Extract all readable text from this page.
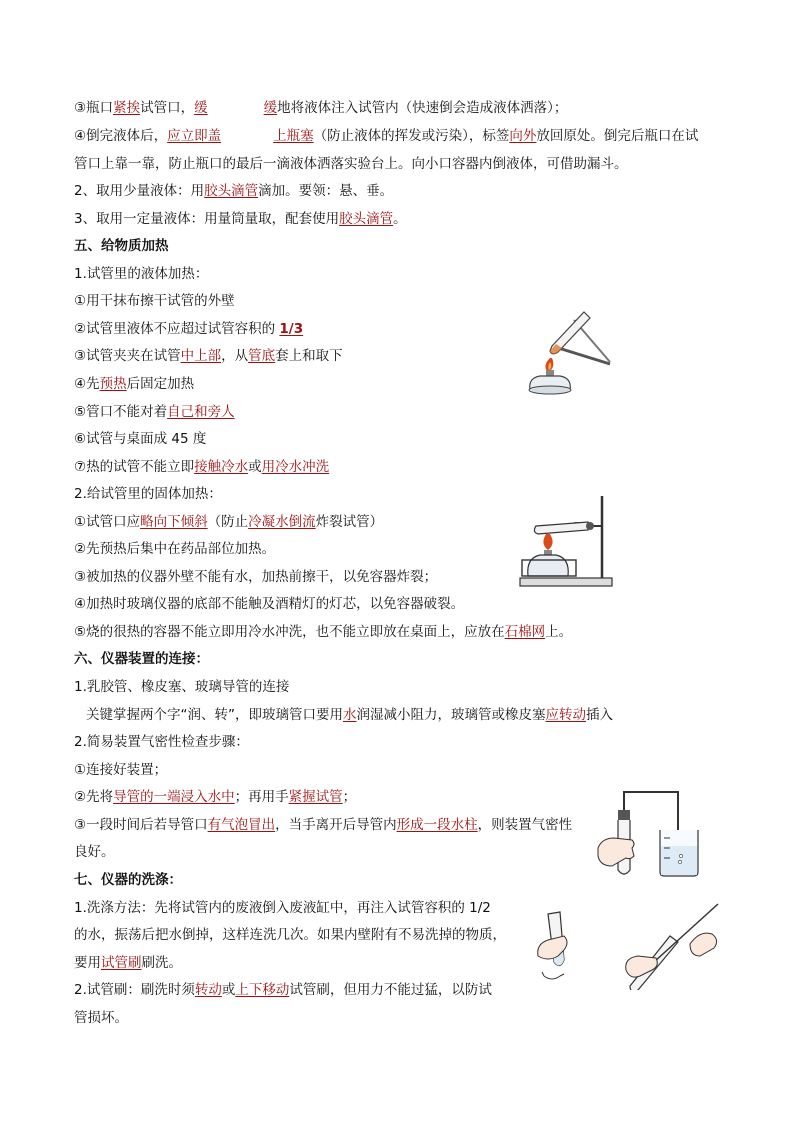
③瓶口紧挨试管口，缓	缓地将液体注入试管内（快速倒会造成液体洒落）；
④倒完液体后，应立即盖	上瓶塞（防止液体的挥发或污染），标签向外放回原处。倒完后瓶口在试
管口上靠一靠，防止瓶口的最后一滴液体洒落实验台上。向小口容器内倒液体，可借助漏斗。
2、取用少量液体：用胶头滴管滴加。要领：悬、垂。
3、取用一定量液体：用量筒量取，配套使用胶头滴管。
五、给物质加热
1.试管里的液体加热：
①用干抹布擦干试管的外壁
②试管里液体不应超过试管容积的 1/3
③试管夹夹在试管中上部，从管底套上和取下
④先预热后固定加热
⑤管口不能对着自己和旁人
⑥试管与桌面成 45 度
⑦热的试管不能立即接触冷水或用冷水冲洗
2.给试管里的固体加热：
①试管口应略向下倾斜（防止冷凝水倒流炸裂试管）
②先预热后集中在药品部位加热。
③被加热的仪器外壁不能有水，加热前擦干，以免容器炸裂；
④加热时玻璃仪器的底部不能触及酒精灯的灯芯，以免容器破裂。
⑤烧的很热的容器不能立即用冷水冲洗，也不能立即放在桌面上，应放在石棉网上。
六、仪器装置的连接：
1.乳胶管、橡皮塞、玻璃导管的连接
关键掌握两个字“润、转”，即玻璃管口要用水润湿减小阻力，玻璃管或橡皮塞应转动插入
2.简易装置气密性检查步骤：
①连接好装置；
②先将导管的一端浸入水中；再用手紧握试管；
③一段时间后若导管口有气泡冒出，当手离开后导管内形成一段水柱，则装置气密性
良好。
七、仪器的洗涤：
1.洗涤方法：先将试管内的废液倒入废液缸中，再注入试管容积的 1/2
的水，振荡后把水倒掉，这样连洗几次。如果内壁附有不易洗掉的物质，
要用试管刷刷洗。
2.试管刷：刷洗时须转动或上下移动试管刷，但用力不能过猛，以防试
管损坏。
